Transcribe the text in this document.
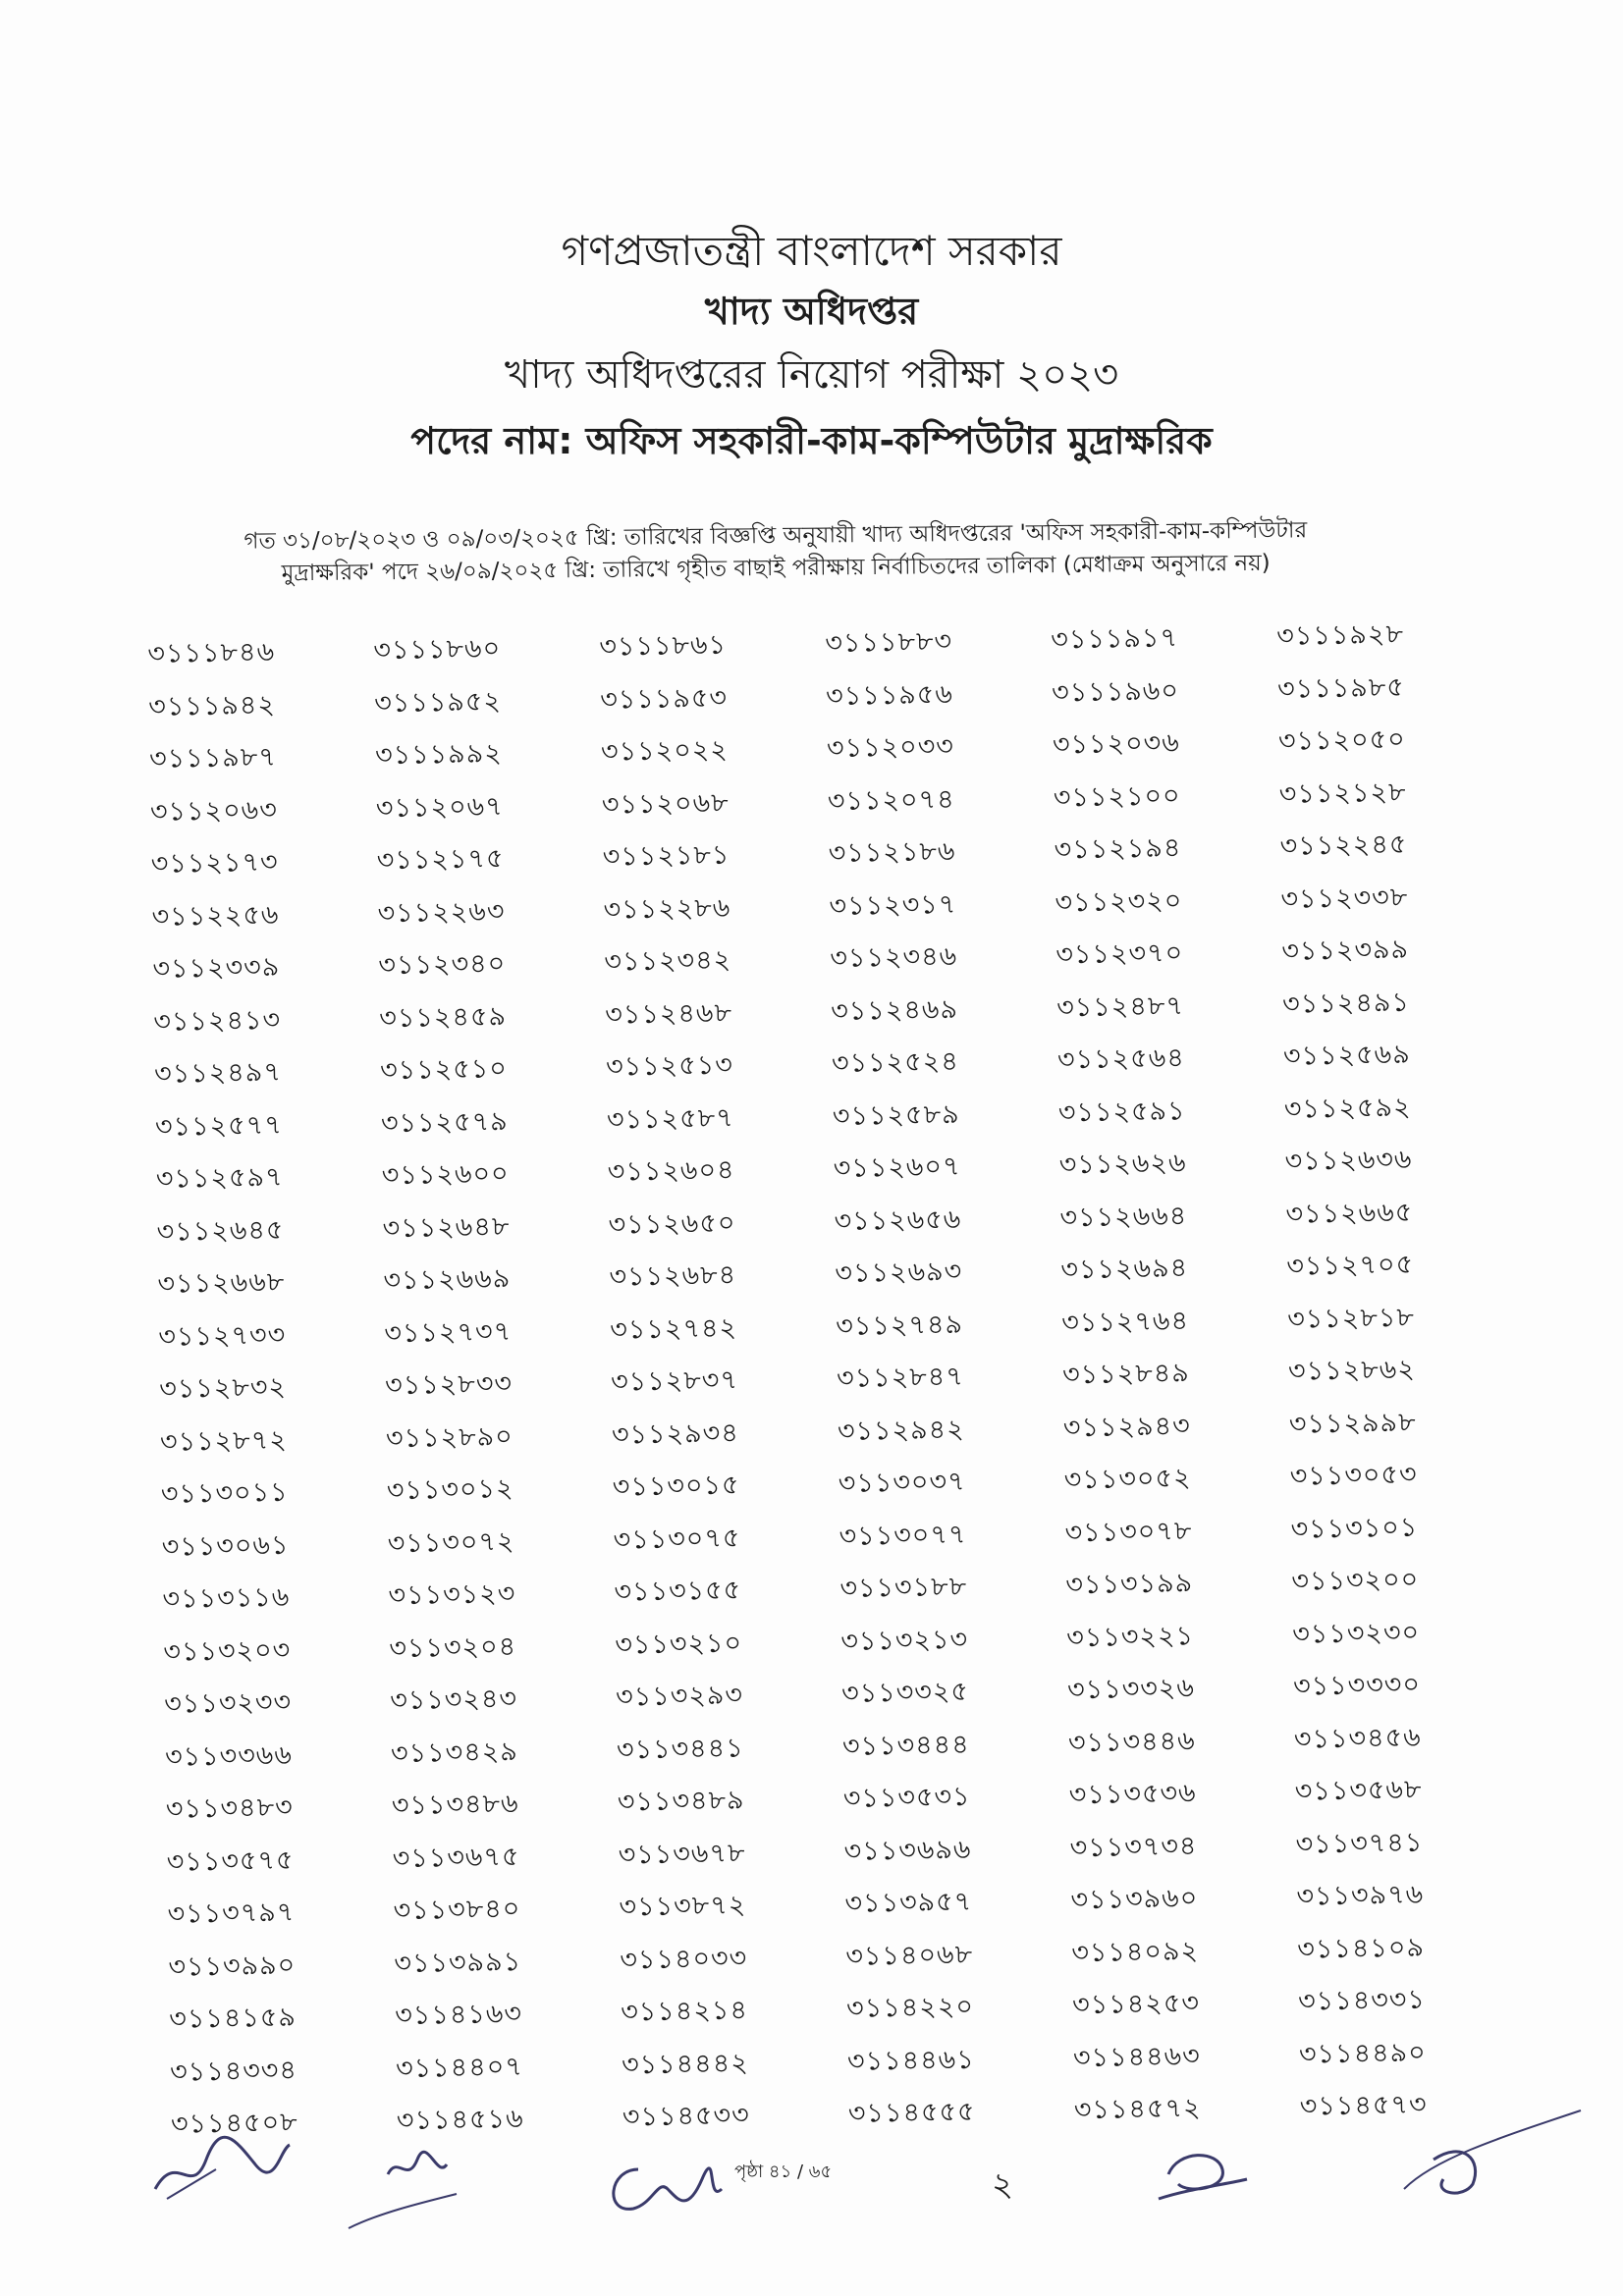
গণপ্রজাতন্ত্রী বাংলাদেশ সরকার

খাদ্য অধিদপ্তর

খাদ্য অধিদপ্তরের নিয়োগ পরীক্ষা ২০২৩

পদের নাম: অফিস সহকারী-কাম-কম্পিউটার মুদ্রাক্ষরিক

গত ৩১/০৮/২০২৩ ও ০৯/০৩/২০২৫ খ্রি: তারিখের বিজ্ঞপ্তি অনুযায়ী খাদ্য অধিদপ্তরের 'অফিস সহকারী-কাম-কম্পিউটার
মুদ্রাক্ষরিক' পদে ২৬/০৯/২০২৫ খ্রি: তারিখে গৃহীত বাছাই পরীক্ষায় নির্বাচিতদের তালিকা (মেধাক্রম অনুসারে নয়)
৩১১১৮৪৬	৩১১১৮৬০	৩১১১৮৬১	৩১১১৮৮৩	৩১১১৯১৭	৩১১১৯২৮
৩১১১৯৪২	৩১১১৯৫২	৩১১১৯৫৩	৩১১১৯৫৬	৩১১১৯৬০	৩১১১৯৮৫
৩১১১৯৮৭	৩১১১৯৯২	৩১১২০২২	৩১১২০৩৩	৩১১২০৩৬	৩১১২০৫০
৩১১২০৬৩	৩১১২০৬৭	৩১১২০৬৮	৩১১২০৭৪	৩১১২১০০	৩১১২১২৮
৩১১২১৭৩	৩১১২১৭৫	৩১১২১৮১	৩১১২১৮৬	৩১১২১৯৪	৩১১২২৪৫
৩১১২২৫৬	৩১১২২৬৩	৩১১২২৮৬	৩১১২৩১৭	৩১১২৩২০	৩১১২৩৩৮
৩১১২৩৩৯	৩১১২৩৪০	৩১১২৩৪২	৩১১২৩৪৬	৩১১২৩৭০	৩১১২৩৯৯
৩১১২৪১৩	৩১১২৪৫৯	৩১১২৪৬৮	৩১১২৪৬৯	৩১১২৪৮৭	৩১১২৪৯১
৩১১২৪৯৭	৩১১২৫১০	৩১১২৫১৩	৩১১২৫২৪	৩১১২৫৬৪	৩১১২৫৬৯
৩১১২৫৭৭	৩১১২৫৭৯	৩১১২৫৮৭	৩১১২৫৮৯	৩১১২৫৯১	৩১১২৫৯২
৩১১২৫৯৭	৩১১২৬০০	৩১১২৬০৪	৩১১২৬০৭	৩১১২৬২৬	৩১১২৬৩৬
৩১১২৬৪৫	৩১১২৬৪৮	৩১১২৬৫০	৩১১২৬৫৬	৩১১২৬৬৪	৩১১২৬৬৫
৩১১২৬৬৮	৩১১২৬৬৯	৩১১২৬৮৪	৩১১২৬৯৩	৩১১২৬৯৪	৩১১২৭০৫
৩১১২৭৩৩	৩১১২৭৩৭	৩১১২৭৪২	৩১১২৭৪৯	৩১১২৭৬৪	৩১১২৮১৮
৩১১২৮৩২	৩১১২৮৩৩	৩১১২৮৩৭	৩১১২৮৪৭	৩১১২৮৪৯	৩১১২৮৬২
৩১১২৮৭২	৩১১২৮৯০	৩১১২৯৩৪	৩১১২৯৪২	৩১১২৯৪৩	৩১১২৯৯৮
৩১১৩০১১	৩১১৩০১২	৩১১৩০১৫	৩১১৩০৩৭	৩১১৩০৫২	৩১১৩০৫৩
৩১১৩০৬১	৩১১৩০৭২	৩১১৩০৭৫	৩১১৩০৭৭	৩১১৩০৭৮	৩১১৩১০১
৩১১৩১১৬	৩১১৩১২৩	৩১১৩১৫৫	৩১১৩১৮৮	৩১১৩১৯৯	৩১১৩২০০
৩১১৩২০৩	৩১১৩২০৪	৩১১৩২১০	৩১১৩২১৩	৩১১৩২২১	৩১১৩২৩০
৩১১৩২৩৩	৩১১৩২৪৩	৩১১৩২৯৩	৩১১৩৩২৫	৩১১৩৩২৬	৩১১৩৩৩০
৩১১৩৩৬৬	৩১১৩৪২৯	৩১১৩৪৪১	৩১১৩৪৪৪	৩১১৩৪৪৬	৩১১৩৪৫৬
৩১১৩৪৮৩	৩১১৩৪৮৬	৩১১৩৪৮৯	৩১১৩৫৩১	৩১১৩৫৩৬	৩১১৩৫৬৮
৩১১৩৫৭৫	৩১১৩৬৭৫	৩১১৩৬৭৮	৩১১৩৬৯৬	৩১১৩৭৩৪	৩১১৩৭৪১
৩১১৩৭৯৭	৩১১৩৮৪০	৩১১৩৮৭২	৩১১৩৯৫৭	৩১১৩৯৬০	৩১১৩৯৭৬
৩১১৩৯৯০	৩১১৩৯৯১	৩১১৪০৩৩	৩১১৪০৬৮	৩১১৪০৯২	৩১১৪১০৯
৩১১৪১৫৯	৩১১৪১৬৩	৩১১৪২১৪	৩১১৪২২০	৩১১৪২৫৩	৩১১৪৩৩১
৩১১৪৩৩৪	৩১১৪৪০৭	৩১১৪৪৪২	৩১১৪৪৬১	৩১১৪৪৬৩	৩১১৪৪৯০
৩১১৪৫০৮	৩১১৪৫১৬	৩১১৪৫৩৩	৩১১৪৫৫৫	৩১১৪৫৭২	৩১১৪৫৭৩
পৃষ্ঠা ৪১ / ৬৫	২
